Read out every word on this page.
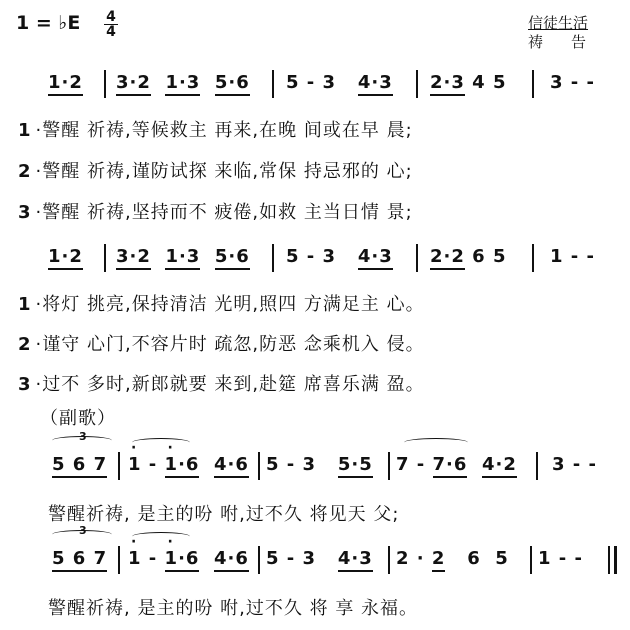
1 = ♭E 4
4	信徒生活
祷告
1·2 3·2 1·3 5·6 5 - 3   4·3 2·3 4 5 3 - -
1 ·警醒 祈祷,等候救主 再来,在晚 间或在早 晨;
2 ·警醒 祈祷,谨防试探 来临,常保 持忌邪的 心;
3 ·警醒 祈祷,坚持而不 疲倦,如救 主当日情 景;
1·2 3·2 1·3 5·6 5 - 3   4·3 2·2 6 5 1 - -
1 ·将灯 挑亮,保持清洁 光明,照四 方满足主 心。
2 ·谨守 心门,不容片时 疏忽,防恶 念乘机入 侵。
3 ·过不 多时,新郎就要 来到,赴筵 席喜乐满 盈。
（副歌）
3
5 6 7 · 1 - · 1·6 4·6 5 - 3   5·5 7 - 7·6 4·2 3 - -
警醒祈祷, 是主的吩 咐,过不久 将见天 父;
3
5 6 7 · 1 - · 1·6 4·6 5 - 3   4·3 2 · 2   6  5 1 - -
警醒祈祷, 是主的吩 咐,过不久 将 享 永福。
